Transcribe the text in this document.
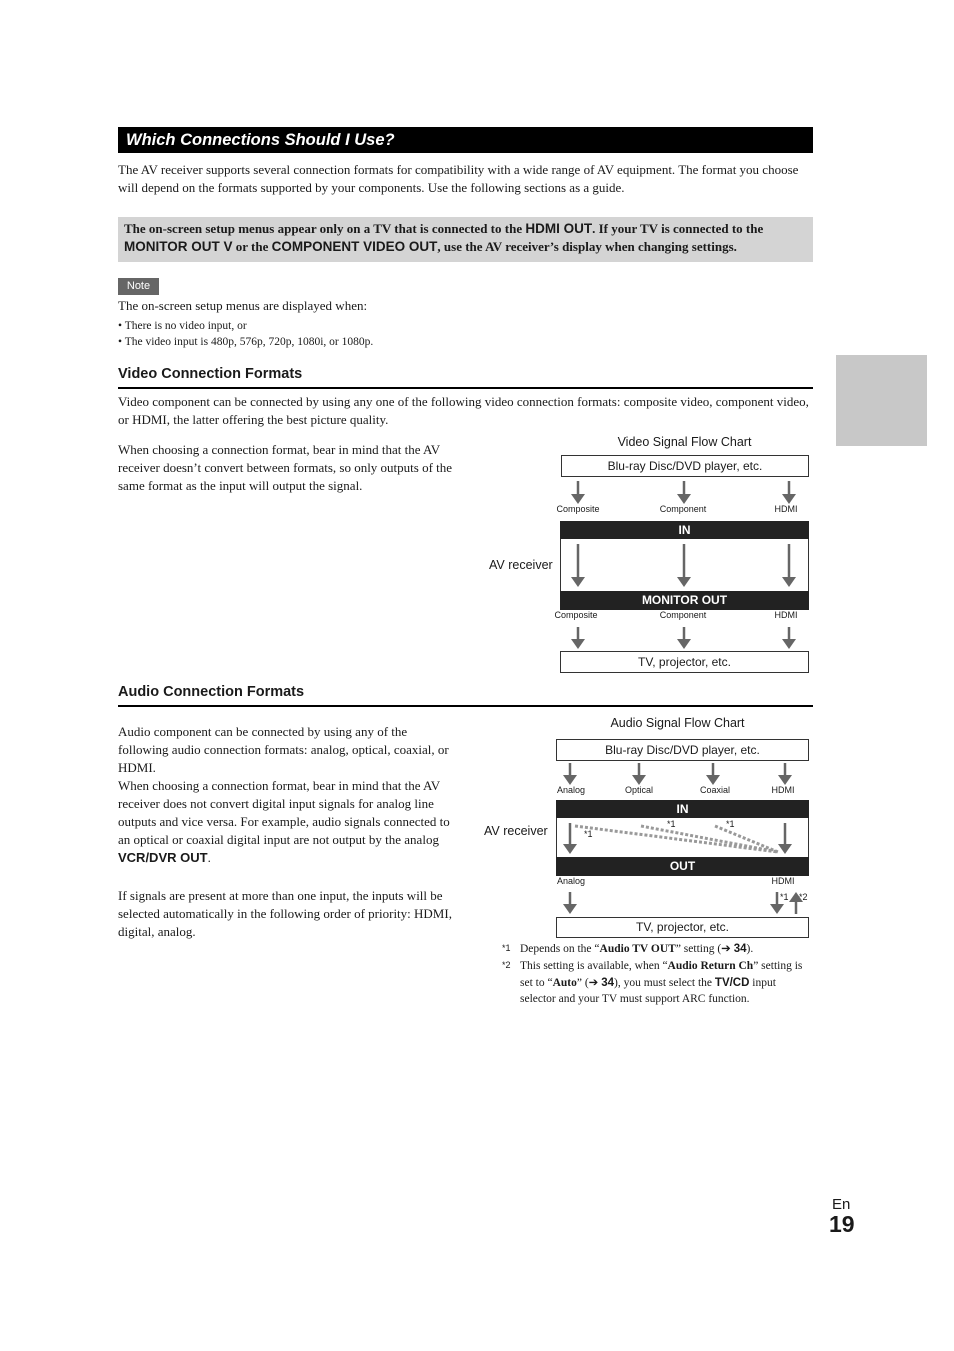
Which Connections Should I Use?
The AV receiver supports several connection formats for compatibility with a wide range of AV equipment. The format you choose will depend on the formats supported by your components. Use the following sections as a guide.
The on-screen setup menus appear only on a TV that is connected to the HDMI OUT. If your TV is connected to the MONITOR OUT V or the COMPONENT VIDEO OUT, use the AV receiver’s display when changing settings.
Note
The on-screen setup menus are displayed when:
• There is no video input, or
• The video input is 480p, 576p, 720p, 1080i, or 1080p.
Video Connection Formats
Video component can be connected by using any one of the following video connection formats: composite video, component video, or HDMI, the latter offering the best picture quality.
When choosing a connection format, bear in mind that the AV receiver doesn’t convert between formats, so only outputs of the same format as the input will output the signal.
Video Signal Flow Chart
Blu-ray Disc/DVD player, etc.
Composite	Component	HDMI
IN
MONITOR OUT
AV receiver
Composite	Component	HDMI
TV, projector, etc.
Audio Connection Formats
Audio component can be connected by using any of the following audio connection formats: analog, optical, coaxial, or HDMI.
When choosing a connection format, bear in mind that the AV receiver does not convert digital input signals for analog line outputs and vice versa. For example, audio signals connected to an optical or coaxial digital input are not output by the analog VCR/DVR OUT.
If signals are present at more than one input, the inputs will be selected automatically in the following order of priority: HDMI, digital, analog.
Audio Signal Flow Chart
Blu-ray Disc/DVD player, etc.
Analog	Optical	Coaxial	HDMI
IN
OUT
AV receiver	*1
*1	*1
Analog	HDMI
*1 *2
TV, projector, etc.
*1 Depends on the “Audio TV OUT” setting (➔ 34).
*2 This setting is available, when “Audio Return Ch” setting is set to “Auto” (➔ 34), you must select the TV/CD input selector and your TV must support ARC function.
En
19
